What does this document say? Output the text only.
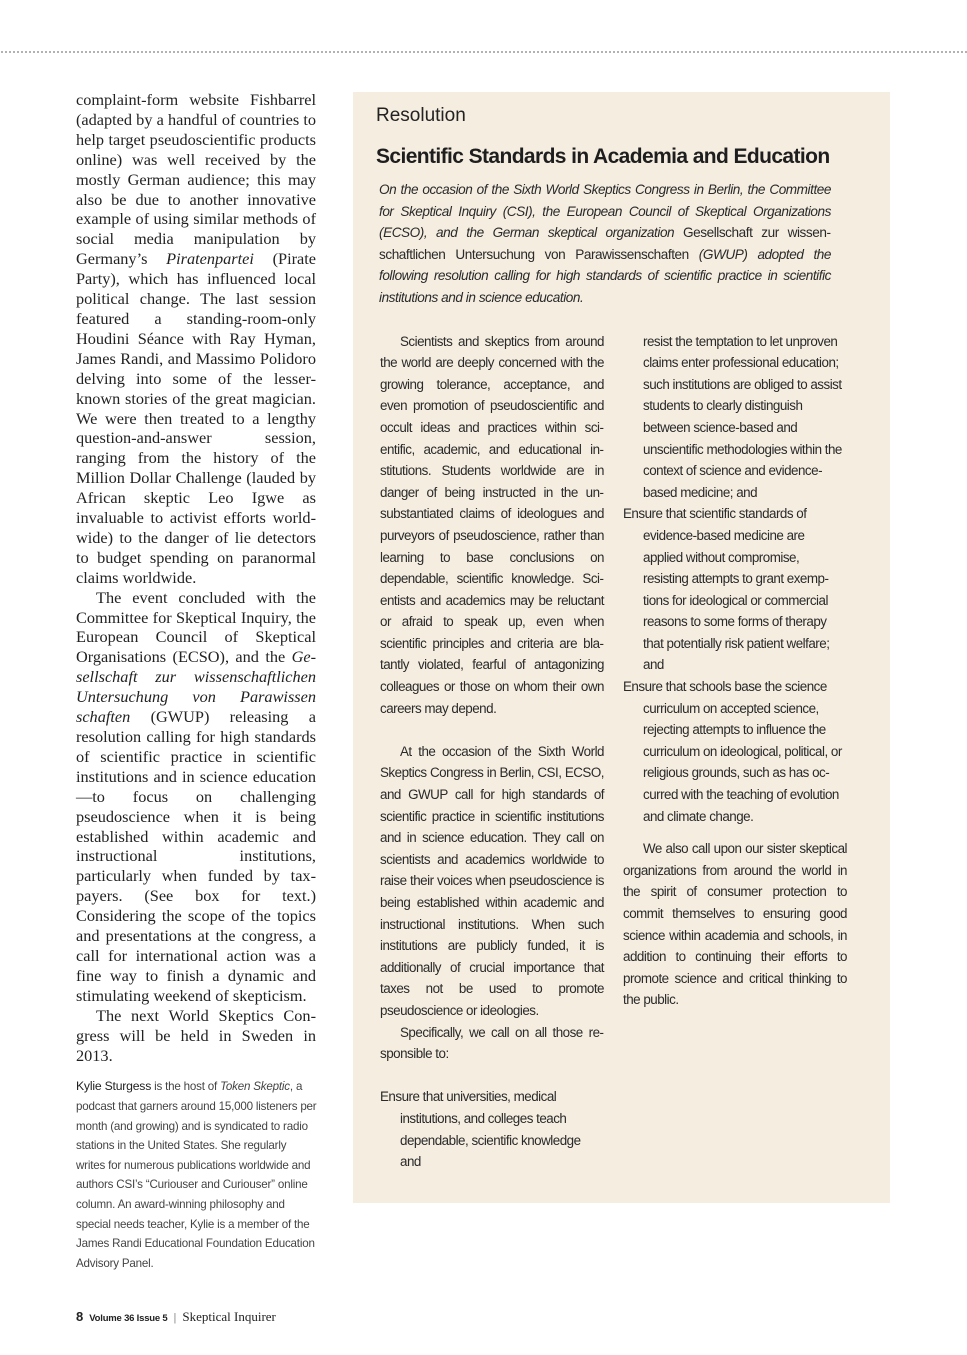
complaint-form website Fishbarrel (adapted by a handful of countries to help target pseudoscientific products online) was well received by the mostly German audience; this may also be due to another innovative example of using similar methods of social media manipulation by Germany’s Piratenpartei (Pirate Party), which has influenced local political change. The last session featured a standing-room-only Houdini Séance with Ray Hyman, James Randi, and Massimo Polidoro delving into some of the lesser-known stories of the great magician. We were then treated to a lengthy question-and-answer session, ranging from the history of the Million Dollar Challenge (lauded by African skeptic Leo Igwe as invaluable to activist efforts worldwide) to the danger of lie detectors to budget spending on paranormal claims worldwide.

The event concluded with the Committee for Skeptical Inquiry, the European Council of Skeptical Organisations (ECSO), and the Gesellschaft zur wissenschaftlichen Untersuchung von Parawissen schaften (GWUP) releasing a resolution calling for high standards of scientific practice in scientific institutions and in science education—to focus on challenging pseudoscience when it is being established within academic and instructional institutions, particularly when funded by tax-payers. (See box for text.) Considering the scope of the topics and presentations at the congress, a call for international action was a fine way to finish a dynamic and stimulating weekend of skepticism.

The next World Skeptics Congress will be held in Sweden in 2013.

Kylie Sturgess is the host of Token Skeptic, a podcast that garners around 15,000 listeners per month (and growing) and is syndicated to radio stations in the United States. She regularly writes for numerous publications worldwide and authors CSI’s “Curiouser and Curiouser” online column. An award-winning philosophy and special needs teacher, Kylie is a member of the James Randi Educational Foundation Education Advisory Panel.
Resolution
Scientific Standards in Academia and Education
On the occasion of the Sixth World Skeptics Congress in Berlin, the Committee for Skeptical Inquiry (CSI), the European Council of Skeptical Organizations (ECSO), and the German skeptical organization Gesellschaft zur wissenschaftlichen Untersuchung von Parawissenschaften (GWUP) adopted the following resolution calling for high standards of scientific practice in scientific institutions and in science education.

Scientists and skeptics from around the world are deeply concerned with the growing tolerance, acceptance, and even promotion of pseudoscientific and occult ideas and practices within scientific, academic, and educational institutions. Students worldwide are in danger of being instructed in the unsubstantiated claims of ideologues and purveyors of pseudoscience, rather than learning to base conclusions on dependable, scientific knowledge. Scientists and academics may be reluctant or afraid to speak up, even when scientific principles and criteria are blatantly violated, fearful of antagonizing colleagues or those on whom their own careers may depend.

At the occasion of the Sixth World Skeptics Congress in Berlin, CSI, ECSO, and GWUP call for high standards of scientific practice in scientific institutions and in science education. They call on scientists and academics worldwide to raise their voices when pseudoscience is being established within academic and instructional institutions. When such institutions are publicly funded, it is additionally of crucial importance that taxes not be used to promote pseudoscience or ideologies.

Specifically, we call on all those responsible to:

Ensure that universities, medical institutions, and colleges teach dependable, scientific knowledge and
resist the temptation to let unproven claims enter professional education; such institutions are obliged to assist students to clearly distinguish between science-based and unscientific methodologies within the context of science and evidence-based medicine; and
Ensure that scientific standards of evidence-based medicine are applied without compromise, resisting attempts to grant exemptions for ideological or commercial reasons to some forms of therapy that potentially risk patient welfare; and
Ensure that schools base the science curriculum on accepted science, rejecting attempts to influence the curriculum on ideological, political, or religious grounds, such as has occurred with the teaching of evolution and climate change.

We also call upon our sister skeptical organizations from around the world in the spirit of consumer protection to commit themselves to ensuring good science within academia and schools, in addition to continuing their efforts to promote science and critical thinking to the public.

8 Volume 36 Issue 5 | Skeptical Inquirer
